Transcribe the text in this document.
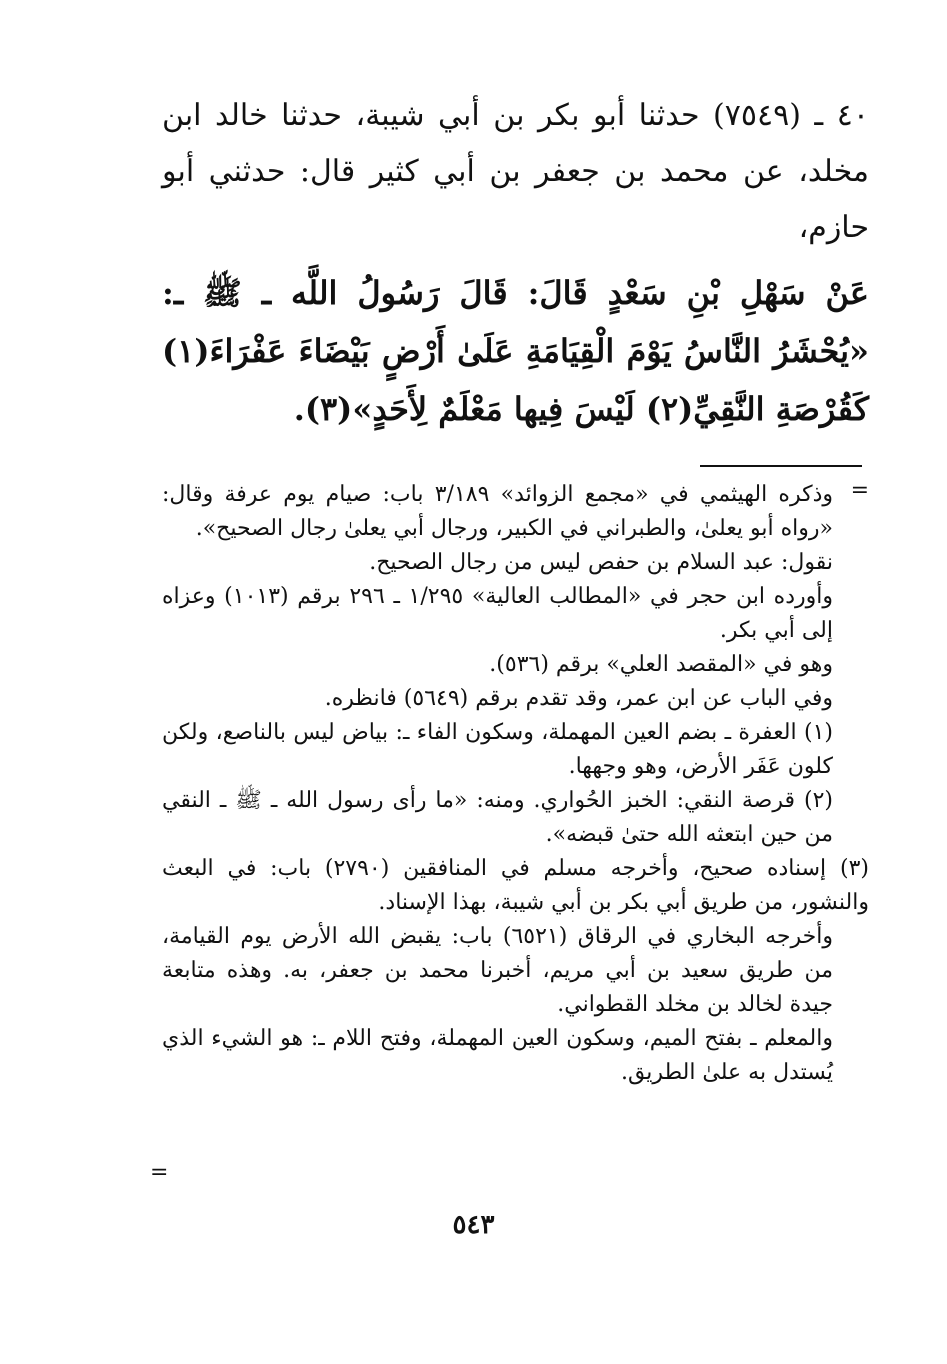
٤٠ ـ (٧٥٤٩) حدثنا أبو بكر بن أبي شيبة، حدثنا خالد ابن مخلد، عن محمد بن جعفر بن أبي كثير قال: حدثني أبو حازم،

عَنْ سَهْلِ بْنِ سَعْدٍ قَالَ: قَالَ رَسُولُ اللَّه ـ ﷺ ـ: «يُحْشَرُ النَّاسُ يَوْمَ الْقِيَامَةِ عَلَىٰ أَرْضٍ بَيْضَاءَ عَفْرَاءَ(١) كَقُرْصَةِ النَّقِيِّ(٢) لَيْسَ فِيها مَعْلَمٌ لِأَحَدٍ»(٣).

=

وذكره الهيثمي في «مجمع الزوائد» ٣/١٨٩ باب: صيام يوم عرفة وقال: «رواه أبو يعلىٰ، والطبراني في الكبير، ورجال أبي يعلىٰ رجال الصحيح».

نقول: عبد السلام بن حفص ليس من رجال الصحيح.

وأورده ابن حجر في «المطالب العالية» ١/٢٩٥ ـ ٢٩٦ برقم (١٠١٣) وعزاه إلى أبي بكر.

وهو في «المقصد العلي» برقم (٥٣٦).

وفي الباب عن ابن عمر، وقد تقدم برقم (٥٦٤٩) فانظره.

(١) العفرة ـ بضم العين المهملة، وسكون الفاء ـ: بياض ليس بالناصع، ولكن كلون عَفَر الأرض، وهو وجهها.

(٢) قرصة النقي: الخبز الحُواري. ومنه: «ما رأى رسول الله ـ ﷺ ـ النقي من حين ابتعثه الله حتىٰ قبضه».

(٣) إسناده صحيح، وأخرجه مسلم في المنافقين (٢٧٩٠) باب: في البعث والنشور، من طريق أبي بكر بن أبي شيبة، بهذا الإسناد.

وأخرجه البخاري في الرقاق (٦٥٢١) باب: يقبض الله الأرض يوم القيامة، من طريق سعيد بن أبي مريم، أخبرنا محمد بن جعفر، به. وهذه متابعة جيدة لخالد بن مخلد القطواني.

والمعلم ـ بفتح الميم، وسكون العين المهملة، وفتح اللام ـ: هو الشيء الذي يُستدل به علىٰ الطريق.

=
٥٤٣
